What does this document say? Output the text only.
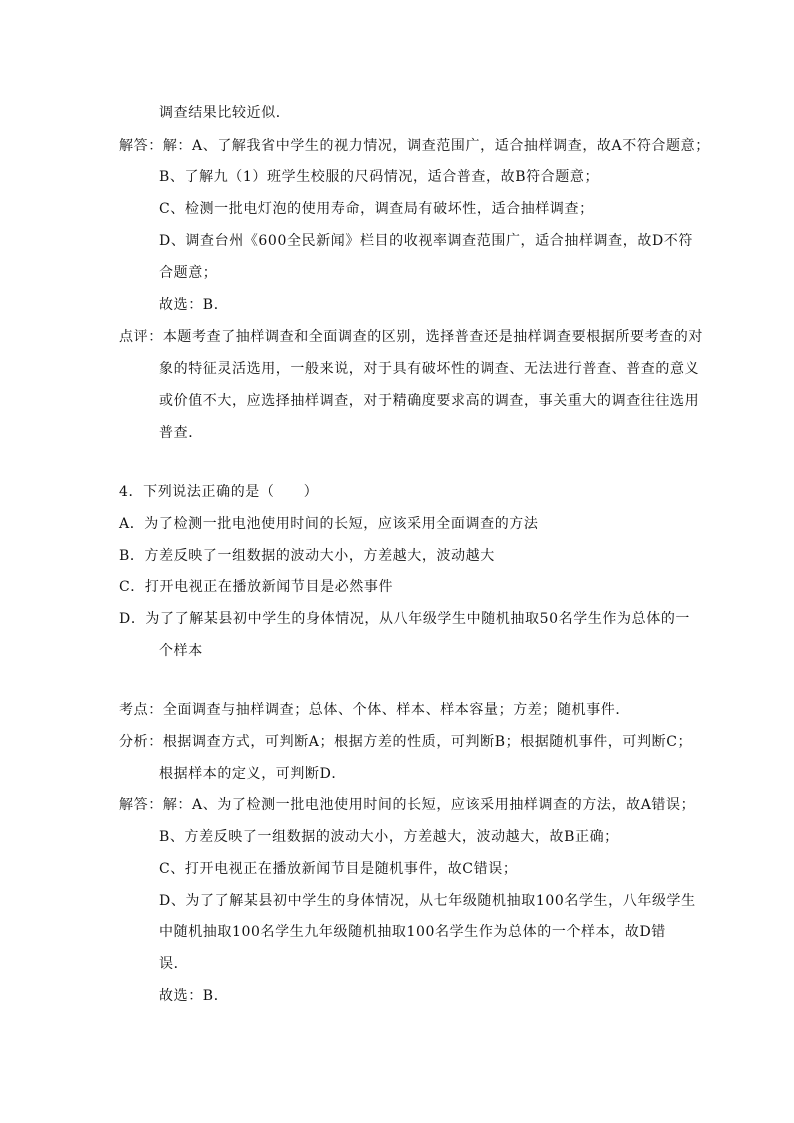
调查结果比较近似．
解答：解：A、了解我省中学生的视力情况，调查范围广，适合抽样调查，故A不符合题意；
B、了解九（1）班学生校服的尺码情况，适合普查，故B符合题意；
C、检测一批电灯泡的使用寿命，调查局有破坏性，适合抽样调查；
D、调查台州《600全民新闻》栏目的收视率调查范围广，适合抽样调查，故D不符
合题意；
故选：B．
点评：本题考查了抽样调查和全面调查的区别，选择普查还是抽样调查要根据所要考查的对
象的特征灵活选用，一般来说，对于具有破坏性的调查、无法进行普查、普查的意义
或价值不大，应选择抽样调查，对于精确度要求高的调查，事关重大的调查往往选用
普查．
4．下列说法正确的是（　　）
A．为了检测一批电池使用时间的长短，应该采用全面调查的方法
B．方差反映了一组数据的波动大小，方差越大，波动越大
C．打开电视正在播放新闻节目是必然事件
D．为了了解某县初中学生的身体情况，从八年级学生中随机抽取50名学生作为总体的一
个样本
考点：全面调查与抽样调查；总体、个体、样本、样本容量；方差；随机事件．
分析：根据调查方式，可判断A；根据方差的性质，可判断B；根据随机事件，可判断C；
根据样本的定义，可判断D．
解答：解：A、为了检测一批电池使用时间的长短，应该采用抽样调查的方法，故A错误；
B、方差反映了一组数据的波动大小，方差越大，波动越大，故B正确；
C、打开电视正在播放新闻节目是随机事件，故C错误；
D、为了了解某县初中学生的身体情况，从七年级随机抽取100名学生，八年级学生
中随机抽取100名学生九年级随机抽取100名学生作为总体的一个样本，故D错
误．
故选：B．
